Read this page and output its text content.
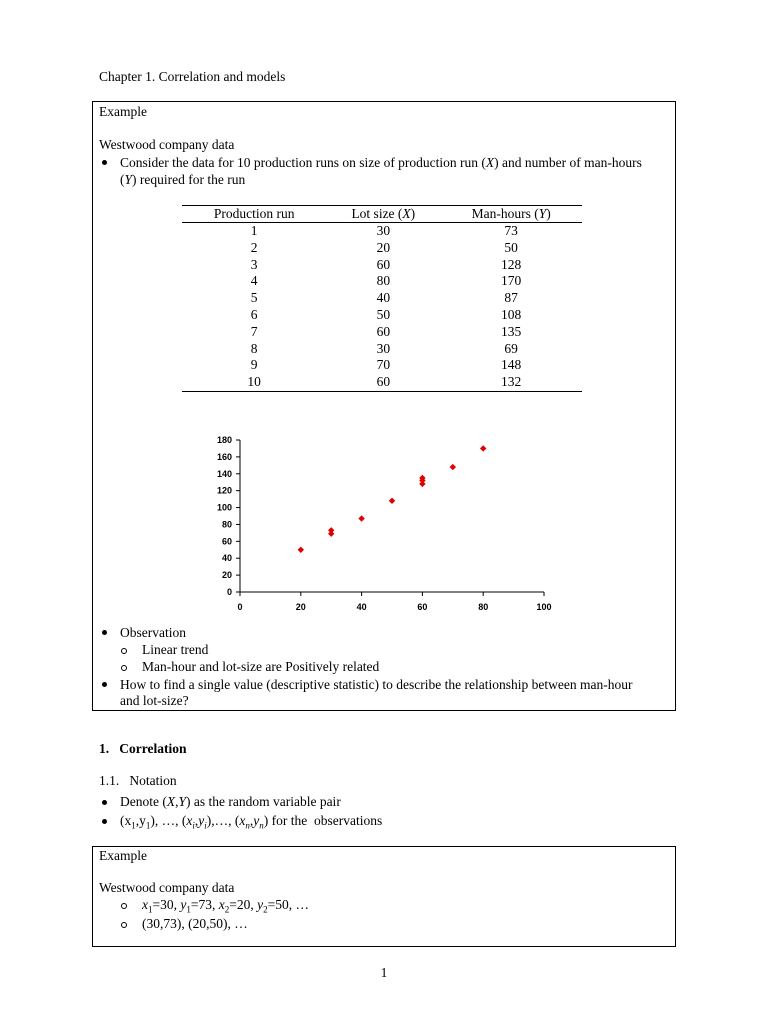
Chapter 1. Correlation and models
Example
Westwood company data
Consider the data for 10 production runs on size of production run (X) and number of man-hours
(Y) required for the run
Production run	Lot size (X)	Man-hours (Y)
1	30	73
2	20	50
3	60	128
4	80	170
5	40	87
6	50	108
7	60	135
8	30	69
9	70	148
10	60	132
0
20
40
60
80
100
120
140
160
180
0	20	40	60	80	100
Observation
Linear trend
Man-hour and lot-size are Positively related
How to find a single value (descriptive statistic) to describe the relationship between man-hour
and lot-size?
1.   Correlation
1.1.   Notation
Denote (X,Y) as the random variable pair
$(x_1,y_1)$, …, $(x_i,y_i),\dots$, $(x_n,y_n)$ for the  observations
Example
Westwood company data
$x_1=30$, $y_1=73$, $x_2=20$, $y_2=50$, …
(30,73), (20,50), …
1
